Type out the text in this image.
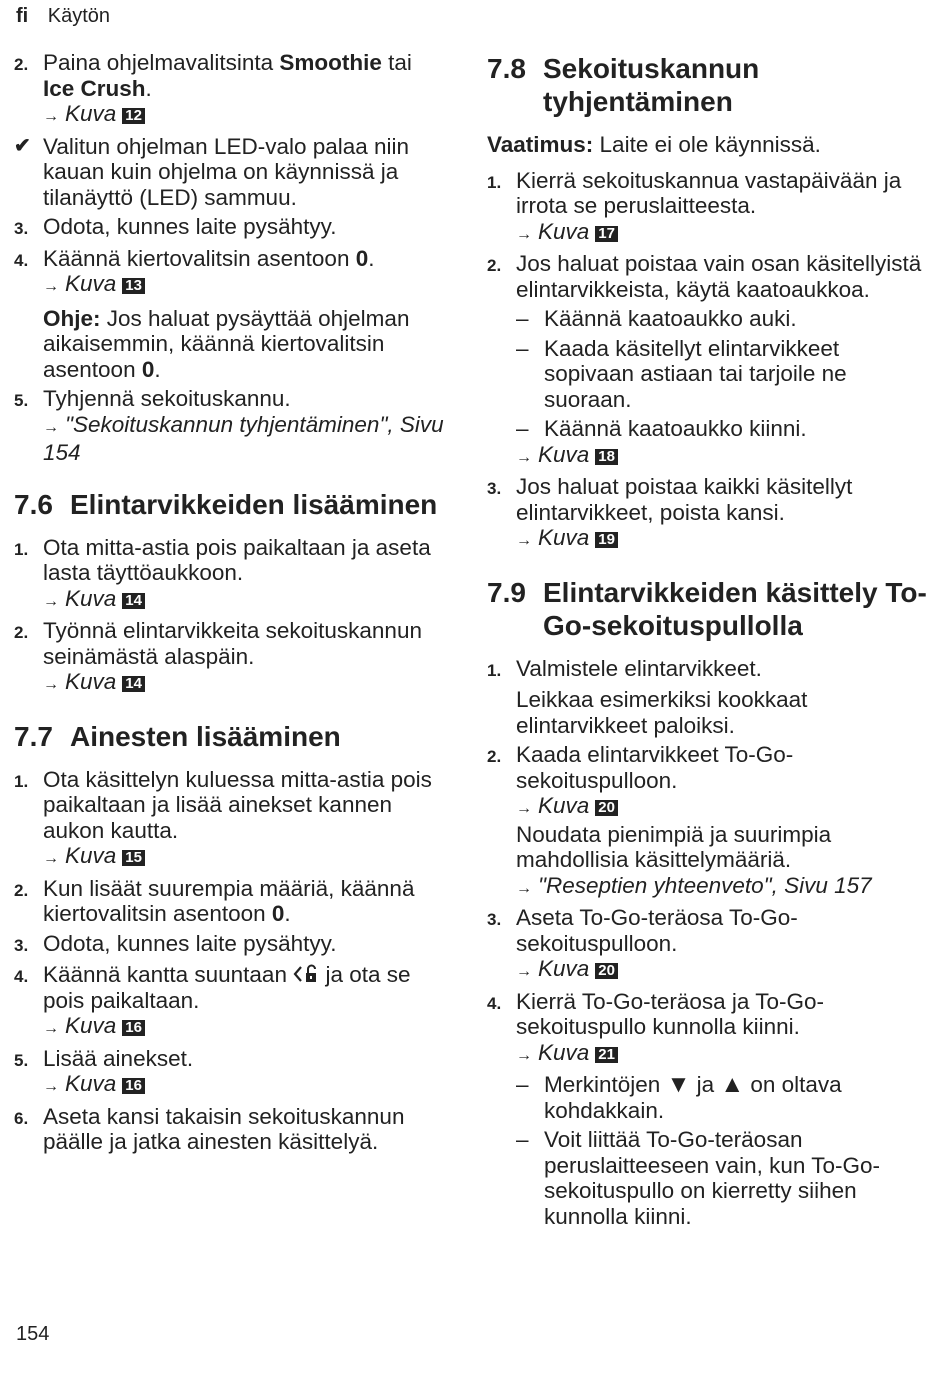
fi Käytön
2. Paina ohjelmavalitsinta Smoothie tai Ice Crush.
→ Kuva 12
✔ Valitun ohjelman LED-valo palaa niin kauan kuin ohjelma on käynnissä ja tilanäyttö (LED) sammuu.
3. Odota, kunnes laite pysähtyy.
4. Käännä kiertovalitsin asentoon 0.
→ Kuva 13
Ohje: Jos haluat pysäyttää ohjelman aikaisemmin, käännä kiertovalitsin asentoon 0.
5. Tyhjennä sekoituskannu.
→ "Sekoituskannun tyhjentäminen", Sivu 154
7.6 Elintarvikkeiden lisääminen
1. Ota mitta-astia pois paikaltaan ja aseta lasta täyttöaukkoon.
→ Kuva 14
2. Työnnä elintarvikkeita sekoituskannun seinämästä alaspäin.
→ Kuva 14
7.7 Ainesten lisääminen
1. Ota käsittelyn kuluessa mitta-astia pois paikaltaan ja lisää ainekset kannen aukon kautta.
→ Kuva 15
2. Kun lisäät suurempia määriä, käännä kiertovalitsin asentoon 0.
3. Odota, kunnes laite pysähtyy.
4. Käännä kantta suuntaan  ja ota se pois paikaltaan.
→ Kuva 16
5. Lisää ainekset.
→ Kuva 16
6. Aseta kansi takaisin sekoituskannun päälle ja jatka ainesten käsittelyä.
7.8 Sekoituskannun tyhjentäminen
Vaatimus: Laite ei ole käynnissä.
1. Kierrä sekoituskannua vastapäivään ja irrota se peruslaitteesta.
→ Kuva 17
2. Jos haluat poistaa vain osan käsitellyistä elintarvikkeista, käytä kaatoaukkoa.
– Käännä kaatoaukko auki.
– Kaada käsitellyt elintarvikkeet sopivaan astiaan tai tarjoile ne suoraan.
– Käännä kaatoaukko kiinni.
→ Kuva 18
3. Jos haluat poistaa kaikki käsitellyt elintarvikkeet, poista kansi.
→ Kuva 19
7.9 Elintarvikkeiden käsittely To-Go-sekoituspullolla
1. Valmistele elintarvikkeet.
Leikkaa esimerkiksi kookkaat elintarvikkeet paloiksi.
2. Kaada elintarvikkeet To-Go-sekoituspulloon.
→ Kuva 20
Noudata pienimpiä ja suurimpia mahdollisia käsittelymääriä.
→ "Reseptien yhteenveto", Sivu 157
3. Aseta To-Go-teräosa To-Go-sekoituspulloon.
→ Kuva 20
4. Kierrä To-Go-teräosa ja To-Go-sekoituspullo kunnolla kiinni.
→ Kuva 21
– Merkintöjen ▼ ja ▲ on oltava kohdakkain.
– Voit liittää To-Go-teräosan peruslaitteeseen vain, kun To-Go-sekoituspullo on kierretty siihen kunnolla kiinni.
154
